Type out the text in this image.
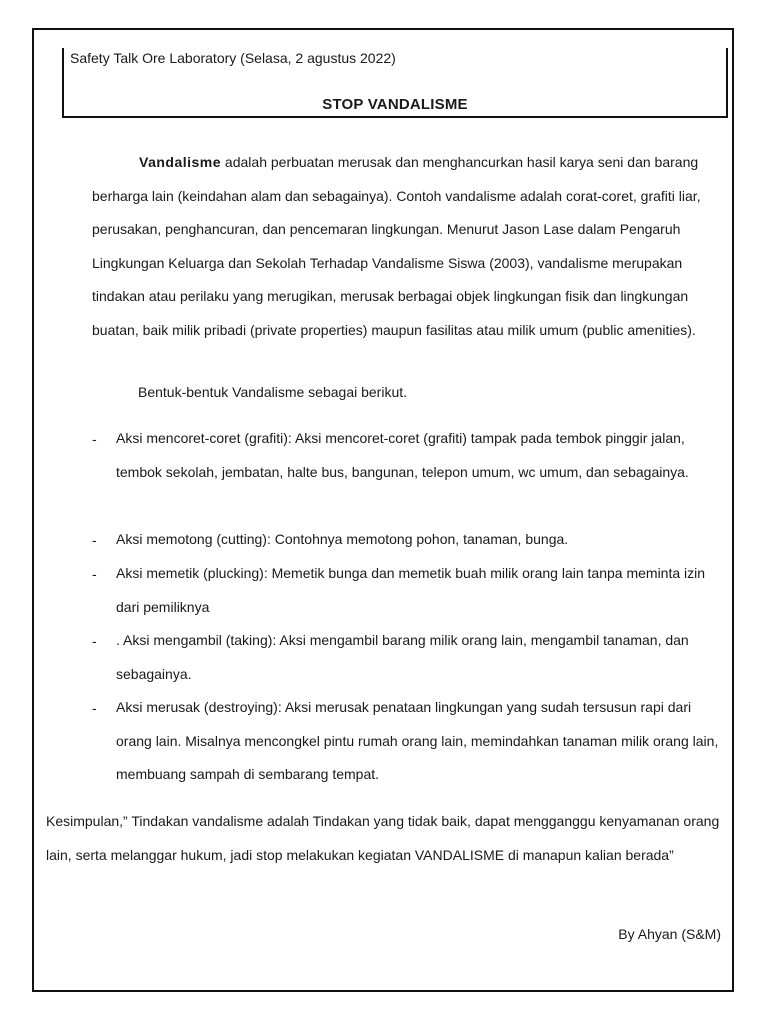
Safety Talk Ore Laboratory (Selasa, 2 agustus 2022)
STOP VANDALISME

Vandalisme adalah perbuatan merusak dan menghancurkan hasil karya seni dan barang berharga lain (keindahan alam dan sebagainya). Contoh vandalisme adalah corat-coret, grafiti liar, perusakan, penghancuran, dan pencemaran lingkungan. Menurut Jason Lase dalam Pengaruh Lingkungan Keluarga dan Sekolah Terhadap Vandalisme Siswa (2003), vandalisme merupakan tindakan atau perilaku yang merugikan, merusak berbagai objek lingkungan fisik dan lingkungan buatan, baik milik pribadi (private properties) maupun fasilitas atau milik umum (public amenities).

Bentuk-bentuk Vandalisme sebagai berikut.
- Aksi mencoret-coret (grafiti): Aksi mencoret-coret (grafiti) tampak pada tembok pinggir jalan, tembok sekolah, jembatan, halte bus, bangunan, telepon umum, wc umum, dan sebagainya.

- Aksi memotong (cutting): Contohnya memotong pohon, tanaman, bunga.

- Aksi memetik (plucking): Memetik bunga dan memetik buah milik orang lain tanpa meminta izin dari pemiliknya

- . Aksi mengambil (taking): Aksi mengambil barang milik orang lain, mengambil tanaman, dan sebagainya.

- Aksi merusak (destroying): Aksi merusak penataan lingkungan yang sudah tersusun rapi dari orang lain. Misalnya mencongkel pintu rumah orang lain, memindahkan tanaman milik orang lain, membuang sampah di sembarang tempat.

Kesimpulan,” Tindakan vandalisme adalah Tindakan yang tidak baik, dapat mengganggu kenyamanan orang lain, serta melanggar hukum, jadi stop melakukan kegiatan VANDALISME di manapun kalian berada”

By Ahyan (S&M)
